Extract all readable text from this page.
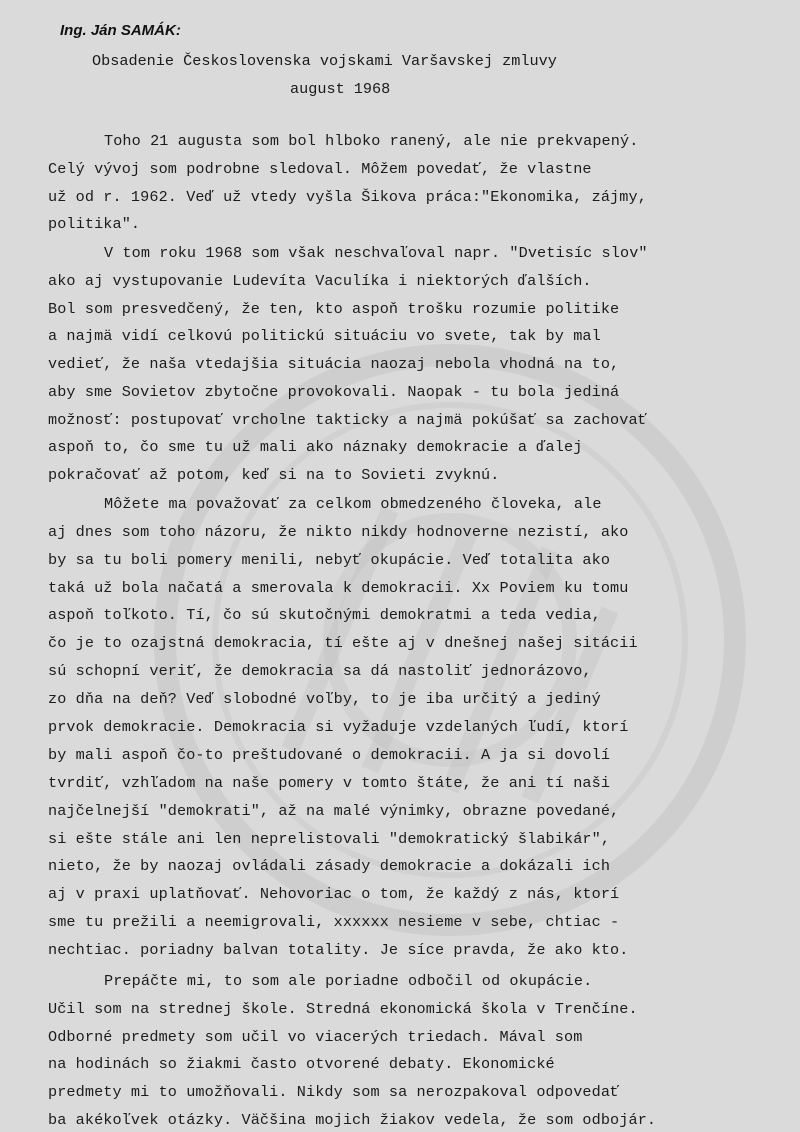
Ing. Ján SAMÁK:
Obsadenie Československa vojskami Varšavskej zmluvy
august 1968
Toho 21 augusta som bol hlboko ranený, ale nie prekvapený.
Celý vývoj som podrobne sledoval. Môžem povedať, že vlastne
už od r. 1962. Veď už vtedy vyšla Šikova práca:"Ekonomika, zájmy,
politika".
V tom roku 1968 som však neschvaľoval napr. "Dvetisíc slov"
ako aj vystupovanie Ludevíta Vaculíka i niektorých ďalších.
Bol som presvedčený, že ten, kto aspoň trošku rozumie politike
a najmä vidí celkovú politickú situáciu vo svete, tak by mal
vedieť, že naša vtedajšia situácia naozaj nebola vhodná na to,
aby sme Sovietov zbytočne provokovali. Naopak - tu bola jediná
možnosť: postupovať vrcholne takticky a najmä pokúšať sa zachovať
aspoň to, čo sme tu už mali ako náznaky demokracie a ďalej
pokračovať až potom, keď si na to Sovieti zvyknú.
Môžete ma považovať za celkom obmedzeného človeka, ale
aj dnes som toho názoru, že nikto nikdy hodnoverne nezistí, ako
by sa tu boli pomery menili, nebyť okupácie. Veď totalita ako
taká už bola načatá a smerovala k demokracii. Xx Poviem ku tomu
aspoň toľkoto. Tí, čo sú skutočnými demokratmi a teda vedia,
čo je to ozajstná demokracia, tí ešte aj v dnešnej našej sitácii
sú schopní veriť, že demokracia sa dá nastoliť jednorázovo,
zo dňa na deň? Veď slobodné voľby, to je iba určitý a jediný
prvok demokracie. Demokracia si vyžaduje vzdelaných ľudí, ktorí
by mali aspoň čo-to preštudované o demokracii. A ja si dovolí
tvrdiť, vzhľadom na naše pomery v tomto štáte, že ani tí naši
najčelnejší "demokrati", až na malé výnimky, obrazne povedané,
si ešte stále ani len neprelistovali "demokratický šlabikár",
nieto, že by naozaj ovládali zásady demokracie a dokázali ich
aj v praxi uplatňovať. Nehovoriac o tom, že každý z nás, ktorí
sme tu prežili a neemigrovali, xxxxxx nesieme v sebe, chtiac -
nechtiac. poriadny balvan totality. Je síce pravda, že ako kto.
Prepáčte mi, to som ale poriadne odbočil od okupácie.
Učil som na strednej škole. Stredná ekonomická škola v Trenčíne.
Odborné predmety som učil vo viacerých triedach. Mával som
na hodinách so žiakmi často otvorené debaty. Ekonomické
predmety mi to umožňovali. Nikdy som sa nerozpakoval odpovedať
ba akékoľvek otázky. Väčšina mojich žiakov vedela, že som odbojár.
